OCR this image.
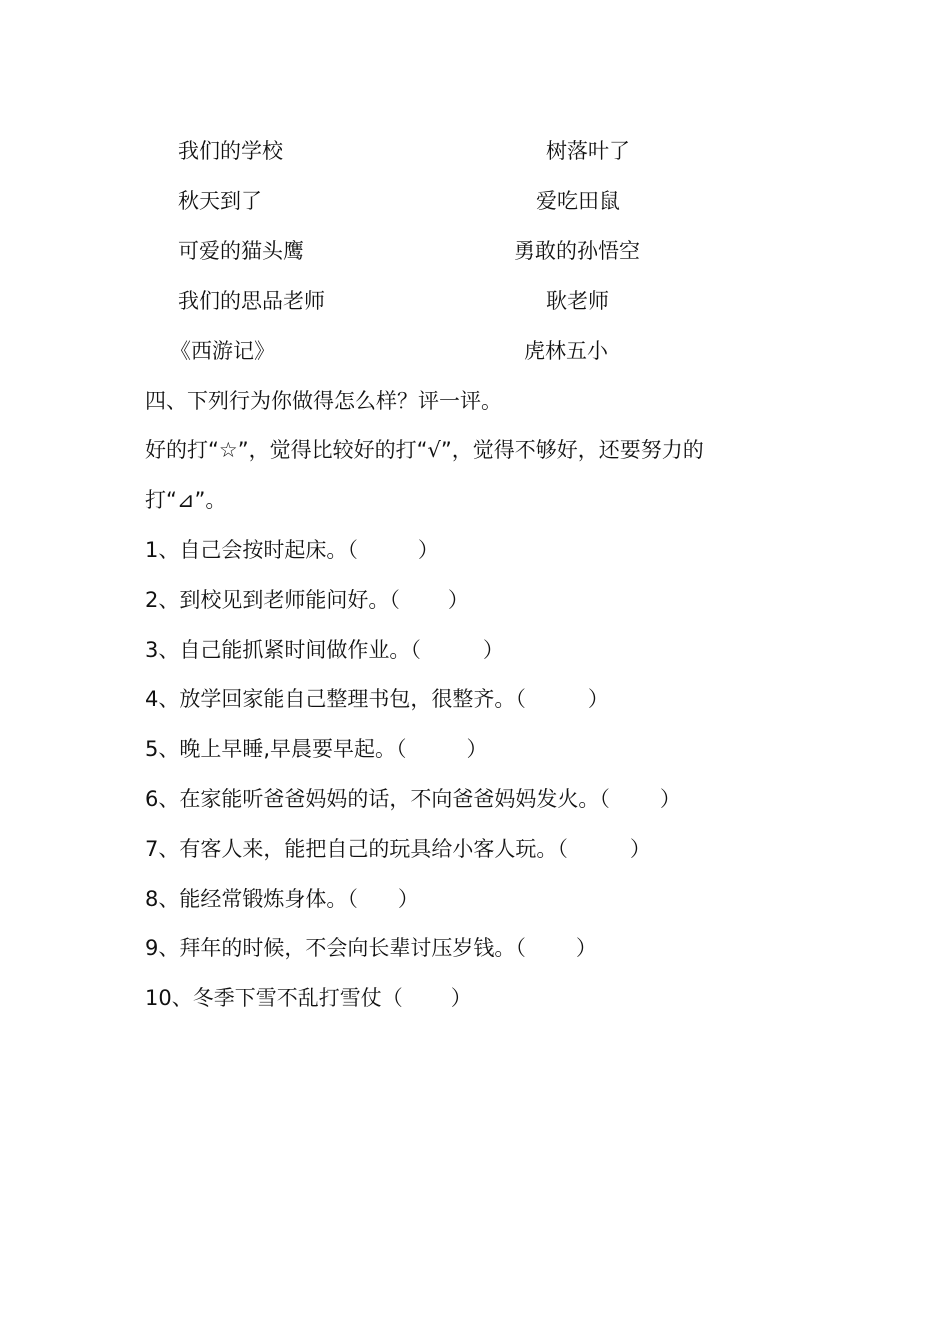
我们的学校	树落叶了
秋天到了	爱吃田鼠
可爱的猫头鹰	勇敢的孙悟空
我们的思品老师	耿老师
《西游记》	虎林五小
四、下列行为你做得怎么样？评一评。
好的打“☆”，觉得比较好的打“√”，觉得不够好，还要努力的
打“⊿”。
1、自己会按时起床。（	）
2、到校见到老师能问好。（ ）
3、自己能抓紧时间做作业。（	）
4、放学回家能自己整理书包，很整齐。（	）
5、晚上早睡,早晨要早起。（	）
6、在家能听爸爸妈妈的话，不向爸爸妈妈发火。（ ）
7、有客人来，能把自己的玩具给小客人玩。（	）
8、能经常锻炼身体。（ ）
9、拜年的时候，不会向长辈讨压岁钱。（ ）
10、冬季下雪不乱打雪仗（ ）
